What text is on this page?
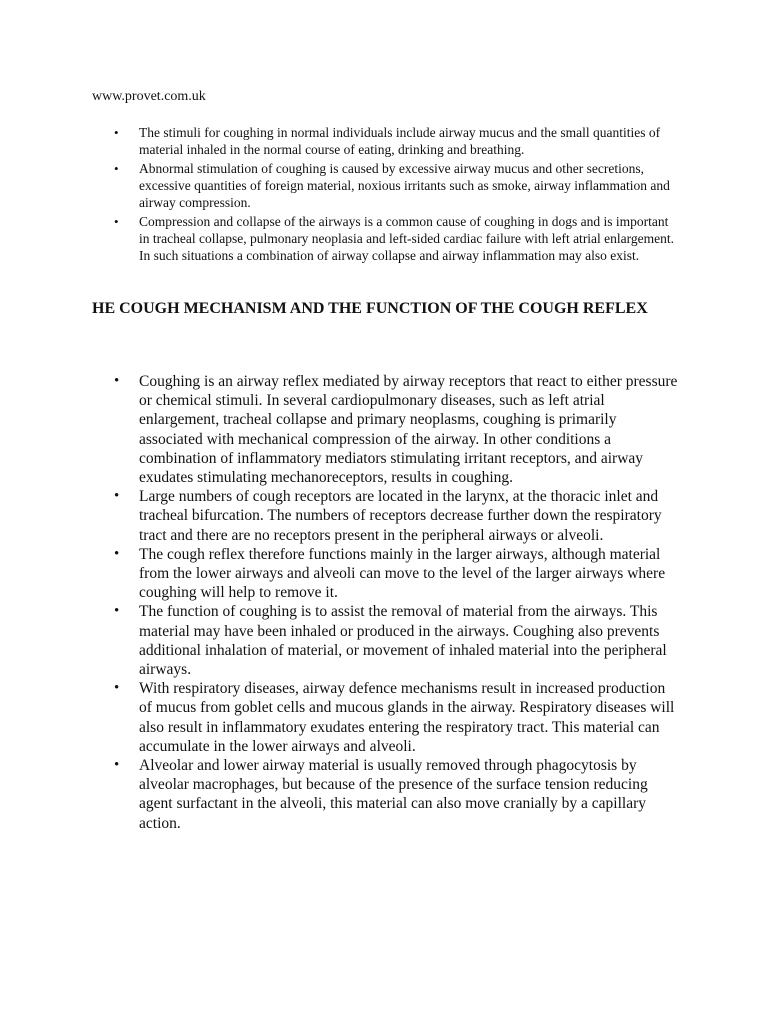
www.provet.com.uk
• The stimuli for coughing in normal individuals include airway mucus and the small quantities of material inhaled in the normal course of eating, drinking and breathing.
• Abnormal stimulation of coughing is caused by excessive airway mucus and other secretions, excessive quantities of foreign material, noxious irritants such as smoke, airway inflammation and airway compression.
• Compression and collapse of the airways is a common cause of coughing in dogs and is important in tracheal collapse, pulmonary neoplasia and left-sided cardiac failure with left atrial enlargement. In such situations a combination of airway collapse and airway inflammation may also exist.
HE COUGH MECHANISM AND THE FUNCTION OF THE COUGH REFLEX
• Coughing is an airway reflex mediated by airway receptors that react to either pressure or chemical stimuli. In several cardiopulmonary diseases, such as left atrial enlargement, tracheal collapse and primary neoplasms, coughing is primarily associated with mechanical compression of the airway. In other conditions a combination of inflammatory mediators stimulating irritant receptors, and airway exudates stimulating mechanoreceptors, results in coughing.
• Large numbers of cough receptors are located in the larynx, at the thoracic inlet and tracheal bifurcation. The numbers of receptors decrease further down the respiratory tract and there are no receptors present in the peripheral airways or alveoli.
• The cough reflex therefore functions mainly in the larger airways, although material from the lower airways and alveoli can move to the level of the larger airways where coughing will help to remove it.
• The function of coughing is to assist the removal of material from the airways. This material may have been inhaled or produced in the airways. Coughing also prevents additional inhalation of material, or movement of inhaled material into the peripheral airways.
• With respiratory diseases, airway defence mechanisms result in increased production of mucus from goblet cells and mucous glands in the airway. Respiratory diseases will also result in inflammatory exudates entering the respiratory tract. This material can accumulate in the lower airways and alveoli.
• Alveolar and lower airway material is usually removed through phagocytosis by alveolar macrophages, but because of the presence of the surface tension reducing agent surfactant in the alveoli, this material can also move cranially by a capillary action.
